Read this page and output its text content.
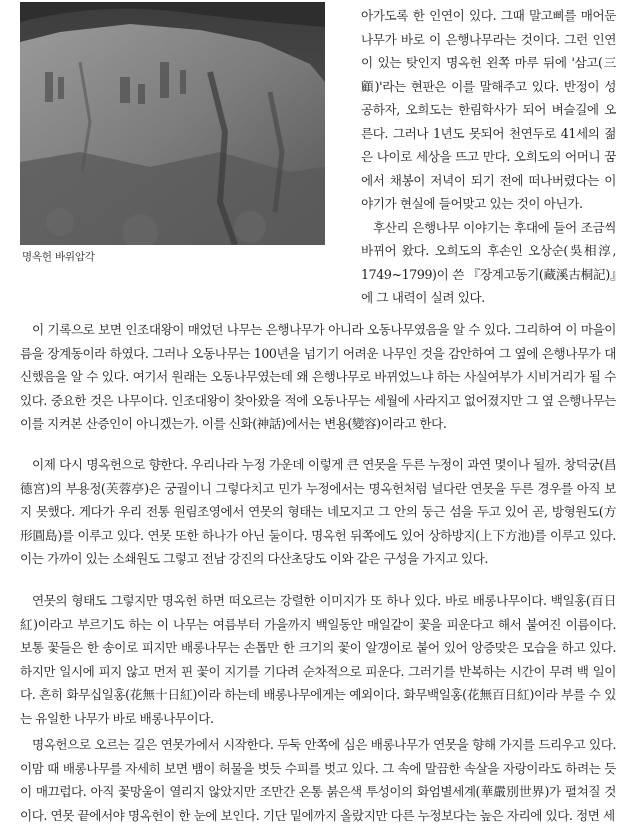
명옥헌 바위암각

아가도록 한 인연이 있다. 그때 말고삐를 매어둔 나무가 바로 이 은행나무라는 것이다. 그런 인연이 있는 탓인지 명옥헌 왼쪽 마루 뒤에 '삼고(三顧)'라는 현판은 이를 말해주고 있다. 반정이 성공하자, 오희도는 한림학사가 되어 벼슬길에 오른다. 그러나 1년도 못되어 천연두로 41세의 젊은 나이로 세상을 뜨고 만다. 오희도의 어머니 꿈에서 채봉이 저녁이 되기 전에 떠나버렸다는 이야기가 현실에 들어맞고 있는 것이 아닌가.

후산리 은행나무 이야기는 후대에 들어 조금씩 바뀌어 왔다. 오희도의 후손인 오상순(吳相淳, 1749~1799)이 쓴 『장계고동기(藏溪古桐記)』에 그 내력이 실려 있다.

이 기록으로 보면 인조대왕이 매었던 나무는 은행나무가 아니라 오동나무였음을 알 수 있다. 그리하여 이 마을이름을 장계동이라 하였다. 그러나 오동나무는 100년을 넘기기 어려운 나무인 것을 감안하여 그 옆에 은행나무가 대신했음을 알 수 있다. 여기서 원래는 오동나무였는데 왜 은행나무로 바뀌었느냐 하는 사실여부가 시비거리가 될 수 있다. 중요한 것은 나무이다. 인조대왕이 찾아왔을 적에 오동나무는 세월에 사라지고 없어졌지만 그 옆 은행나무는 이를 지켜본 산증인이 아니겠는가. 이를 신화(神話)에서는 변용(變容)이라고 한다.

이제 다시 명옥헌으로 향한다. 우리나라 누정 가운데 이렇게 큰 연못을 두른 누정이 과연 몇이나 될까. 창덕궁(昌德宮)의 부용정(芙蓉亭)은 궁궐이니 그렇다치고 민가 누정에서는 명옥헌처럼 널다란 연못을 두른 경우를 아직 보지 못했다. 게다가 우리 전통 원림조영에서 연못의 형태는 네모지고 그 안의 둥근 섬을 두고 있어 곧, 방형원도(方形圓島)를 이루고 있다. 연못 또한 하나가 아닌 둘이다. 명옥헌 뒤쪽에도 있어 상하방지(上下方池)를 이루고 있다. 이는 가까이 있는 소쇄원도 그렇고 전남 강진의 다산초당도 이와 같은 구성을 가지고 있다.

연못의 형태도 그렇지만 명옥헌 하면 떠오르는 강렬한 이미지가 또 하나 있다. 바로 배롱나무이다. 백일홍(百日紅)이라고 부르기도 하는 이 나무는 여름부터 가을까지 백일동안 매일같이 꽃을 피운다고 해서 붙여진 이름이다. 보통 꽃들은 한 송이로 피지만 배롱나무는 손톱만 한 크기의 꽃이 알갱이로 붙어 있어 앙증맞은 모습을 하고 있다. 하지만 일시에 피지 않고 먼저 핀 꽃이 지기를 기다려 순차적으로 피운다. 그러기를 반복하는 시간이 무려 백 일이다. 흔히 화무십일홍(花無十日紅)이라 하는데 배롱나무에게는 예외이다. 화무백일홍(花無百日紅)이라 부를 수 있는 유일한 나무가 바로 배롱나무이다.

명옥헌으로 오르는 길은 연못가에서 시작한다. 두둑 안쪽에 심은 배롱나무가 연못을 향해 가지를 드리우고 있다. 이맘 때 배롱나무를 자세히 보면 뱀이 허물을 벗듯 수피를 벗고 있다. 그 속에 말끔한 속살을 자랑이라도 하려는 듯이 매끄럽다. 아직 꽃망울이 열리지 않았지만 조만간 온통 붉은색 투성이의 화엄별세계(華嚴別世界)가 펼쳐질 것이다. 연못 끝에서야 명옥헌이 한 눈에 보인다. 기단 밑에까지 올랐지만 다른 누정보다는 높은 자리에 있다. 정면 세
